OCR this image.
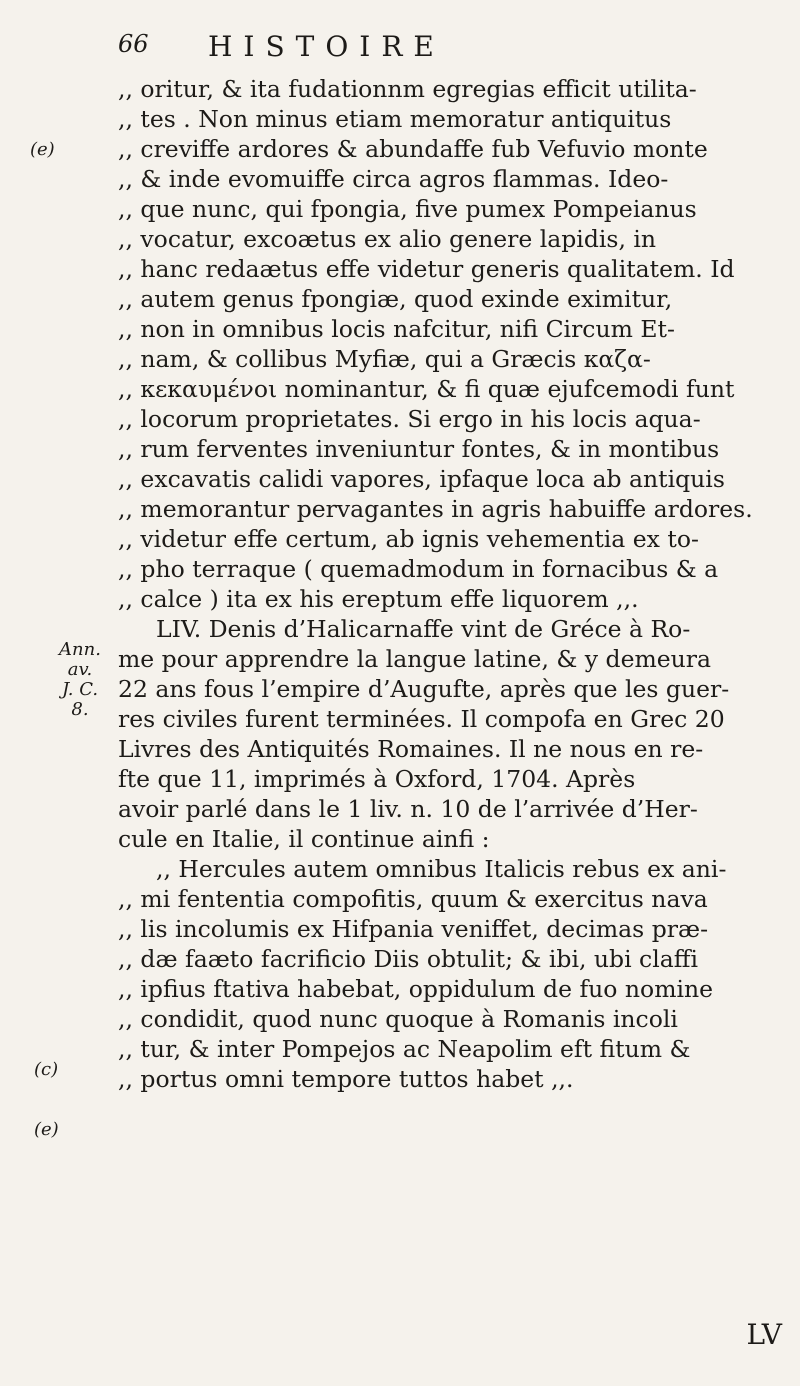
66 HISTOIRE
(e)
Ann.
av.
J. C.
8.
(c)
(e)
,, oritur, & ita fudationnm egregias efficit utilita-
,, tes . Non minus etiam memoratur antiquitus
,, creviffe ardores & abundaffe fub Vefuvio monte
,, & inde evomuiffe circa agros flammas. Ideo-
,, que nunc, qui fpongia, five pumex Pompeianus
,, vocatur, excoætus ex alio genere lapidis, in
,, hanc redaætus effe videtur generis qualitatem. Id
,, autem genus fpongiæ, quod exinde eximitur,
,, non in omnibus locis nafcitur, nifi Circum Et-
,, nam, & collibus Myfiæ, qui a Græcis καζα-
,, κεκαυμένοι nominantur, & fi quæ ejufcemodi funt
,, locorum proprietates. Si ergo in his locis aqua-
,, rum ferventes inveniuntur fontes, & in montibus
,, excavatis calidi vapores, ipfaque loca ab antiquis
,, memorantur pervagantes in agris habuiffe ardores.
,, videtur effe certum, ab ignis vehementia ex to-
,, pho terraque ( quemadmodum in fornacibus & a
,, calce ) ita ex his ereptum effe liquorem ,,.
LIV. Denis d’Halicarnaffe vint de Gréce à Ro-
me pour apprendre la langue latine, & y demeura
22 ans fous l’empire d’Augufte, après que les guer-
res civiles furent terminées. Il compofa en Grec 20
Livres des Antiquités Romaines. Il ne nous en re-
fte que 11, imprimés à Oxford, 1704. Après
avoir parlé dans le 1 liv. n. 10 de l’arrivée d’Her-
cule en Italie, il continue ainfi :
,, Hercules autem omnibus Italicis rebus ex ani-
,, mi fententia compofitis, quum & exercitus nava
,, lis incolumis ex Hifpania veniffet, decimas præ-
,, dæ faæto facrificio Diis obtulit; & ibi, ubi claffi
,, ipfius ftativa habebat, oppidulum de fuo nomine
,, condidit, quod nunc quoque à Romanis incoli
,, tur, & inter Pompejos ac Neapolim eft fitum &
,, portus omni tempore tuttos habet ,,.
LV
